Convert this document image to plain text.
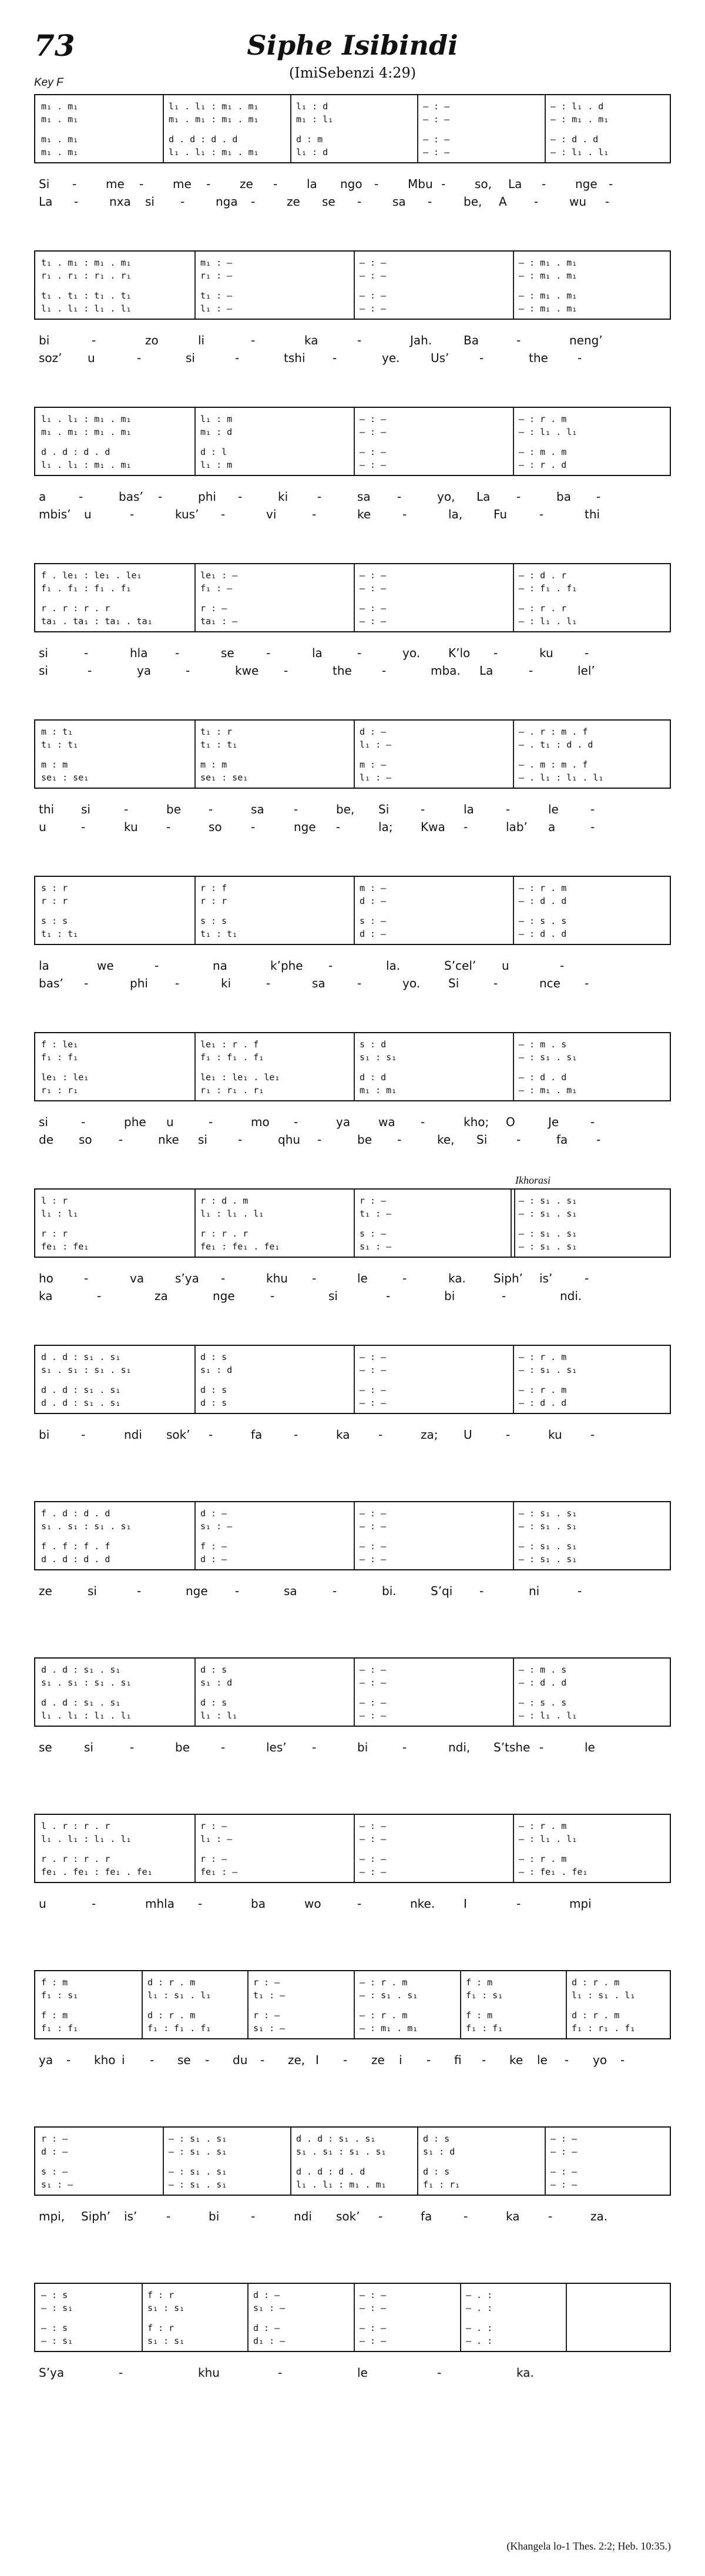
73	Siphe Isibindi
(ImiSebenzi 4:29)
Key F
m₁ . m₁	l₁ . l₁ : m₁ . m₁	l₁ : d	— : —	— : l₁ . d
m₁ . m₁	m₁ . m₁ : m₁ . m₁	m₁ : l₁	— : —	— : m₁ . m₁
m₁ . m₁	d . d : d . d	d : m	— : —	— : d . d
m₁ . m₁	l₁ . l₁ : m₁ . m₁	l₁ : d	— : —	— : l₁ . l₁
Si - me - me - ze - la ngo - Mbu - so, La - nge -
La -	nxa si -	nga -	ze se -	sa -	be, A -	wu -
t₁ . m₁ : m₁ . m₁	m₁ : —	— : —	— : m₁ . m₁
r₁ . r₁ : r₁ . r₁	r₁ : —	— : —	— : m₁ . m₁
t₁ . t₁ : t₁ . t₁	t₁ : —	— : —	— : m₁ . m₁
l₁ . l₁ : l₁ . l₁	l₁ : —	— : —	— : m₁ . m₁
bi	-	zo	li	-	ka	-	Jah.	Ba	-	neng’
soz’ u	-	si	-	tshi -	ye.	Us’	-	the	-
l₁ . l₁ : m₁ . m₁	l₁ : m	— : —	— : r . m
m₁ . m₁ : m₁ . m₁	m₁ : d	— : —	— : l₁ . l₁
d . d : d . d	d : l	— : —	— : m . m
l₁ . l₁ : m₁ . m₁	l₁ : m	— : —	— : r . d
a	-	bas’ -	phi -	ki -	sa -	yo, La -	ba -
mbis’ u	-	kus’ -	vi	-	ke	-	la,	Fu	-	thi
f . le₁ : le₁ . le₁	le₁ : —	— : —	— : d . r
f₁ . f₁ : f₁ . f₁	f₁ : —	— : —	— : f₁ . f₁
r . r : r . r	r : —	— : —	— : r . r
ta₁ . ta₁ : ta₁ . ta₁	ta₁ : —	— : —	— : l₁ . l₁
si	-	hla -	se	-	la	-	yo. K’lo -	ku	-
si	-	ya	-	kwe -	the	-	mba. La	-	lel’
m : t₁	t₁ : r	d : —	— . r : m . f
t₁ : t₁	t₁ : t₁	l₁ : —	— . t₁ : d . d
m : m	m : m	m : —	— . m : m . f
se₁ : se₁	se₁ : se₁	l₁ : —	— . l₁ : l₁ . l₁
thi si	-	be -	sa	-	be, Si	-	la	-	le	-
u	-	ku -	so -	nge -	la; Kwa -	lab’ a	-
s : r	r : f	m : —	— : r . m
r : r	r : r	d : —	— : d . d
s : s	s : s	s : —	— : s . s
t₁ : t₁	t₁ : t₁	d : —	— : d . d
la	we	-	na	k’phe -	la.	S’cel’ u	-
bas’ -	phi -	ki	-	sa	-	yo. Si	-	nce -
f : le₁	le₁ : r . f	s : d	— : m . s
f₁ : f₁	f₁ : f₁ . f₁	s₁ : s₁	— : s₁ . s₁
le₁ : le₁	le₁ : le₁ . le₁	d : d	— : d . d
r₁ : r₁	r₁ : r₁ . r₁	m₁ : m₁	— : m₁ . m₁
si	-	phe u	-	mo -	ya wa -	kho; O	Je	-
de so -	nke si	-	qhu -	be -	ke, Si -	fa -
l : r	r : d . m	r : —	— : s₁ . s₁
l₁ : l₁	l₁ : l₁ . l₁	t₁ : —	— : s₁ . s₁
r : r	r : r . r	s : —	— : s₁ . s₁
fe₁ : fe₁	fe₁ : fe₁ . fe₁	s₁ : —	— : s₁ . s₁
Ikhorasi
ho	-	va	s’ya -	khu -	le	-	ka. Siph’ is’	-
ka	-	za	nge	-	si	-	bi	-	ndi.
d . d : s₁ . s₁	d : s	— : —	— : r . m
s₁ . s₁ : s₁ . s₁	s₁ : d	— : —	— : s₁ . s₁
d . d : s₁ . s₁	d : s	— : —	— : r . m
d . d : s₁ . s₁	d : s	— : —	— : d . d
bi	-	ndi sok’ -	fa	-	ka -	za; U	-	ku -
f . d : d . d	d : —	— : —	— : s₁ . s₁
s₁ . s₁ : s₁ . s₁	s₁ : —	— : —	— : s₁ . s₁
f . f : f . f	f : —	— : —	— : s₁ . s₁
d . d : d . d	d : —	— : —	— : s₁ . s₁
ze	si	-	nge -	sa	-	bi.	S’qi -	ni	-
d . d : s₁ . s₁	d : s	— : —	— : m . s
s₁ . s₁ : s₁ . s₁	s₁ : d	— : —	— : d . d
d . d : s₁ . s₁	d : s	— : —	— : s . s
l₁ . l₁ : l₁ . l₁	l₁ : l₁	— : —	— : l₁ . l₁
se	si	-	be	-	les’ -	bi	-	ndi, S’tshe -	le
l . r : r . r	r : —	— : —	— : r . m
l₁ . l₁ : l₁ . l₁	l₁ : —	— : —	— : l₁ . l₁
r . r : r . r	r : —	— : —	— : r . m
fe₁ . fe₁ : fe₁ . fe₁	fe₁ : —	— : —	— : fe₁ . fe₁
u	-	mhla -	ba	wo	-	nke. I	-	mpi
f : m	d : r . m	r : —	— : r . m	f : m	d : r . m
f₁ : s₁	l₁ : s₁ . l₁	t₁ : —	— : s₁ . s₁	f₁ : s₁	l₁ : s₁ . l₁
f : m	d : r . m	r : —	— : r . m	f : m	d : r . m
f₁ : f₁	f₁ : f₁ . f₁	s₁ : —	— : m₁ . m₁	f₁ : f₁	f₁ : r₁ . f₁
ya - kho i - se - du - ze, I - ze i - fi - ke le - yo -
r : —	— : s₁ . s₁	d . d : s₁ . s₁	d : s	— : —
d : —	— : s₁ . s₁	s₁ . s₁ : s₁ . s₁	s₁ : d	— : —
s : —	— : s₁ . s₁	d . d : d . d	d : s	— : —
s₁ : —	— : s₁ . s₁	l₁ . l₁ : m₁ . m₁	f₁ : r₁	— : —
mpi, Siph’ is’ -	bi	-	ndi sok’ -	fa	-	ka -	za.
— : s	f : r	d : —	— : —	— . :
— : s₁	s₁ : s₁	s₁ : —	— : —	— . :
— : s	f : r	d : —	— : —	— . :
— : s₁	s₁ : s₁	d₁ : —	— : —	— . :
S’ya	-	khu	-	le	-	ka.
(Khangela lo-1 Thes. 2:2; Heb. 10:35.)
